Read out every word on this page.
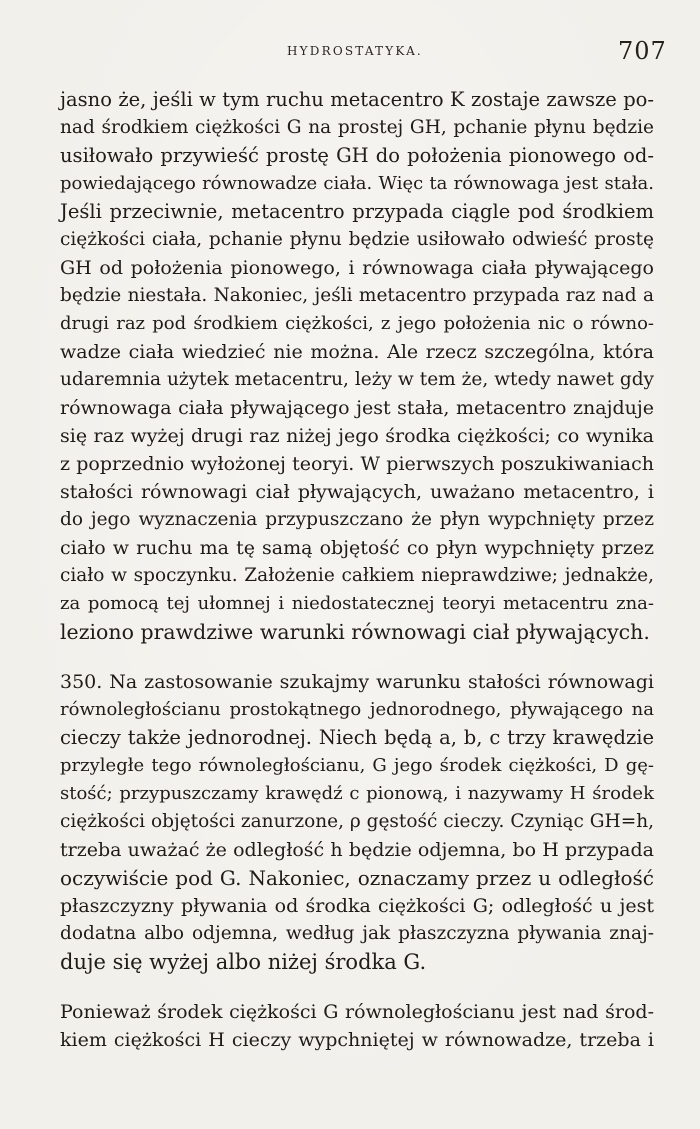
HYDROSTATYKA.	707
jasno że, jeśli w tym ruchu metacentro K zostaje zawsze po-
nad środkiem ciężkości G na prostej GH, pchanie płynu będzie
usiłowało przywieść prostę GH do położenia pionowego od-
powiedającego równowadze ciała. Więc ta równowaga jest stała.
Jeśli przeciwnie, metacentro przypada ciągle pod środkiem
ciężkości ciała, pchanie płynu będzie usiłowało odwieść prostę
GH od położenia pionowego, i równowaga ciała pływającego
będzie niestała. Nakoniec, jeśli metacentro przypada raz nad a
drugi raz pod środkiem ciężkości, z jego położenia nic o równo-
wadze ciała wiedzieć nie można. Ale rzecz szczególna, która
udaremnia użytek metacentru, leży w tem że, wtedy nawet gdy
równowaga ciała pływającego jest stała, metacentro znajduje
się raz wyżej drugi raz niżej jego środka ciężkości; co wynika
z poprzednio wyłożonej teoryi. W pierwszych poszukiwaniach
stałości równowagi ciał pływających, uważano metacentro, i
do jego wyznaczenia przypuszczano że płyn wypchnięty przez
ciało w ruchu ma tę samą objętość co płyn wypchnięty przez
ciało w spoczynku. Założenie całkiem nieprawdziwe; jednakże,
za pomocą tej ułomnej i niedostatecznej teoryi metacentru zna-
leziono prawdziwe warunki równowagi ciał pływających.
350. Na zastosowanie szukajmy warunku stałości równowagi
równoległościanu prostokątnego jednorodnego, pływającego na
cieczy także jednorodnej. Niech będą a, b, c trzy krawędzie
przyległe tego równoległościanu, G jego środek ciężkości, D gę-
stość; przypuszczamy krawędź c pionową, i nazywamy H środek
ciężkości objętości zanurzone, ρ gęstość cieczy. Czyniąc GH=h,
trzeba uważać że odległość h będzie odjemna, bo H przypada
oczywiście pod G. Nakoniec, oznaczamy przez u odległość
płaszczyzny pływania od środka ciężkości G; odległość u jest
dodatna albo odjemna, według jak płaszczyzna pływania znaj-
duje się wyżej albo niżej środka G.
Ponieważ środek ciężkości G równoległościanu jest nad środ-
kiem ciężkości H cieczy wypchniętej w równowadze, trzeba i
